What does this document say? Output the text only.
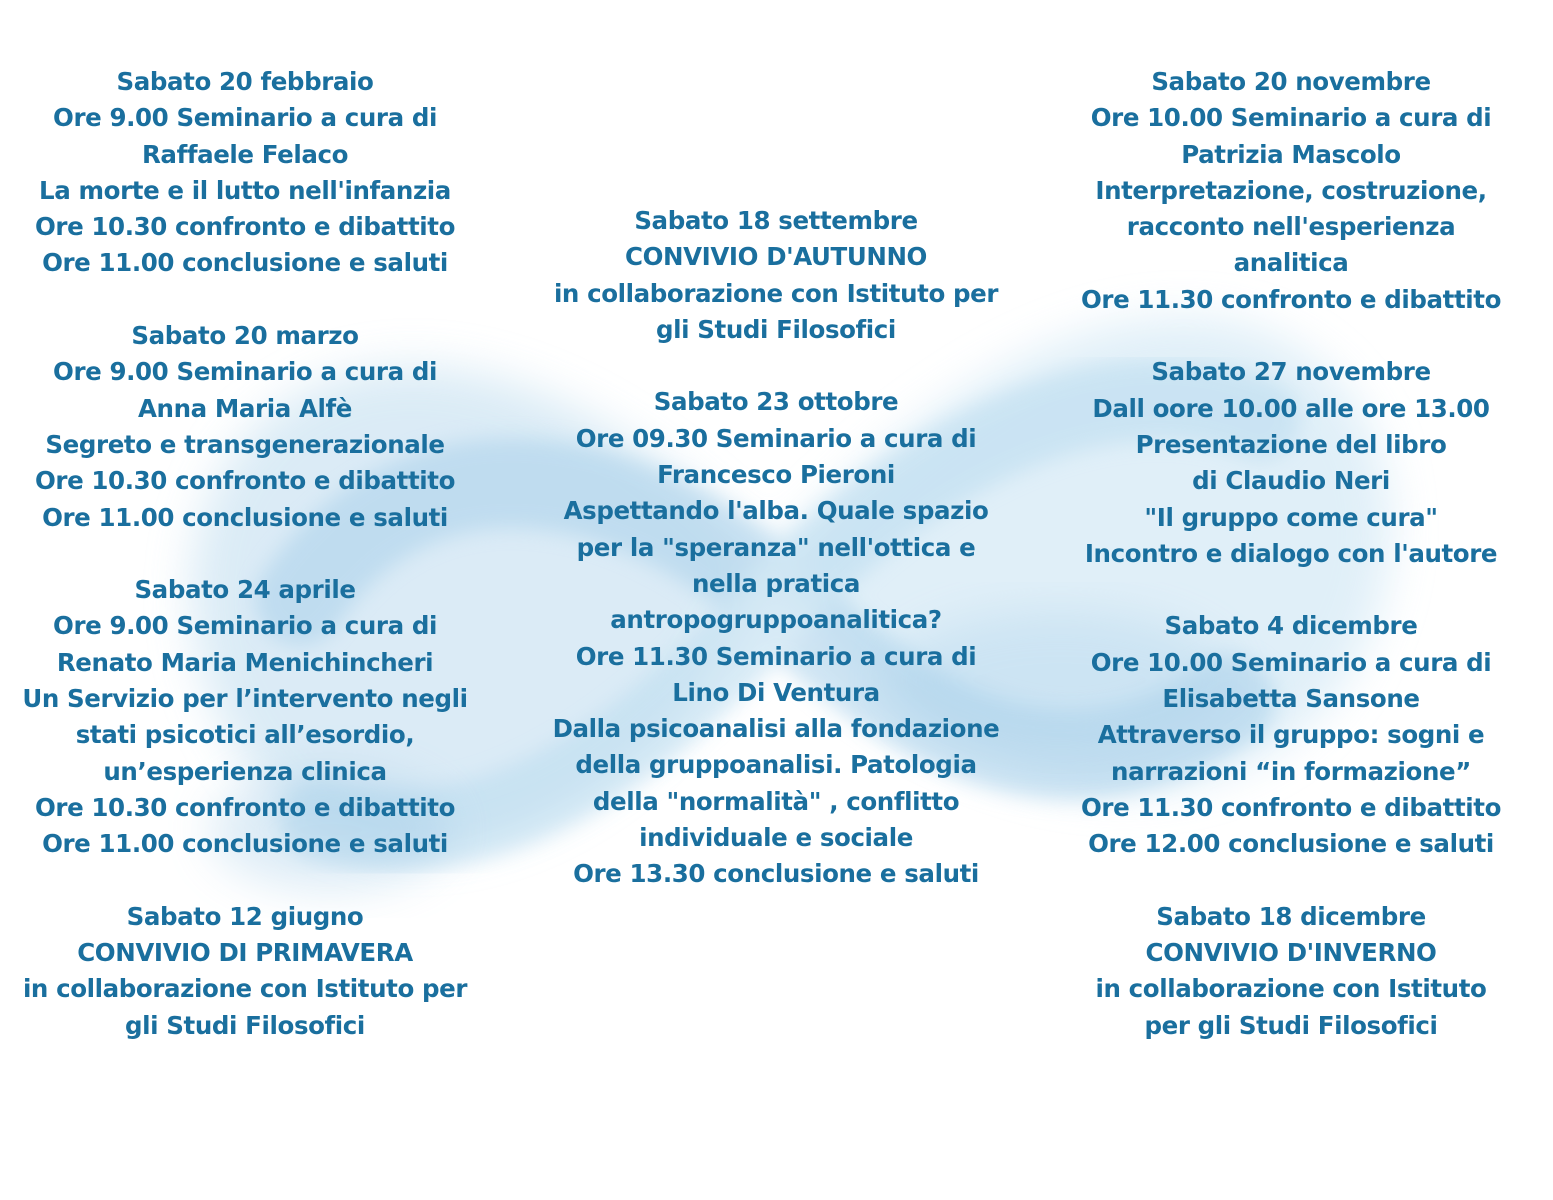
Sabato 20 febbraio
Ore 9.00 Seminario a cura di
Raffaele Felaco
La morte e il lutto nell'infanzia
Ore 10.30 confronto e dibattito
Ore 11.00 conclusione e saluti
Sabato 20 marzo
Ore 9.00 Seminario a cura di
Anna Maria Alfè
Segreto e transgenerazionale
Ore 10.30 confronto e dibattito
Ore 11.00 conclusione e saluti
Sabato 24 aprile
Ore 9.00 Seminario a cura di
Renato Maria Menichincheri
Un Servizio per l’intervento negli
stati psicotici all’esordio,
un’esperienza clinica
Ore 10.30 confronto e dibattito
Ore 11.00 conclusione e saluti
Sabato 12 giugno
CONVIVIO DI PRIMAVERA
in collaborazione con Istituto per
gli Studi Filosofici
Sabato 18 settembre
CONVIVIO D'AUTUNNO
in collaborazione con Istituto per
gli Studi Filosofici
Sabato 23 ottobre
Ore 09.30 Seminario a cura di
Francesco Pieroni
Aspettando l'alba. Quale spazio
per la "speranza" nell'ottica e
nella pratica
antropogruppoanalitica?
Ore 11.30 Seminario a cura di
Lino Di Ventura
Dalla psicoanalisi alla fondazione
della gruppoanalisi. Patologia
della "normalità" , conflitto
individuale e sociale
Ore 13.30 conclusione e saluti
Sabato 20 novembre
Ore 10.00 Seminario a cura di
Patrizia Mascolo
Interpretazione, costruzione,
racconto nell'esperienza
analitica
Ore 11.30 confronto e dibattito
Sabato 27 novembre
Dall oore 10.00 alle ore 13.00
Presentazione del libro
di Claudio Neri
"Il gruppo come cura"
Incontro e dialogo con l'autore
Sabato 4 dicembre
Ore 10.00 Seminario a cura di
Elisabetta Sansone
Attraverso il gruppo: sogni e
narrazioni “in formazione”
Ore 11.30 confronto e dibattito
Ore 12.00 conclusione e saluti
Sabato 18 dicembre
CONVIVIO D'INVERNO
in collaborazione con Istituto
per gli Studi Filosofici
